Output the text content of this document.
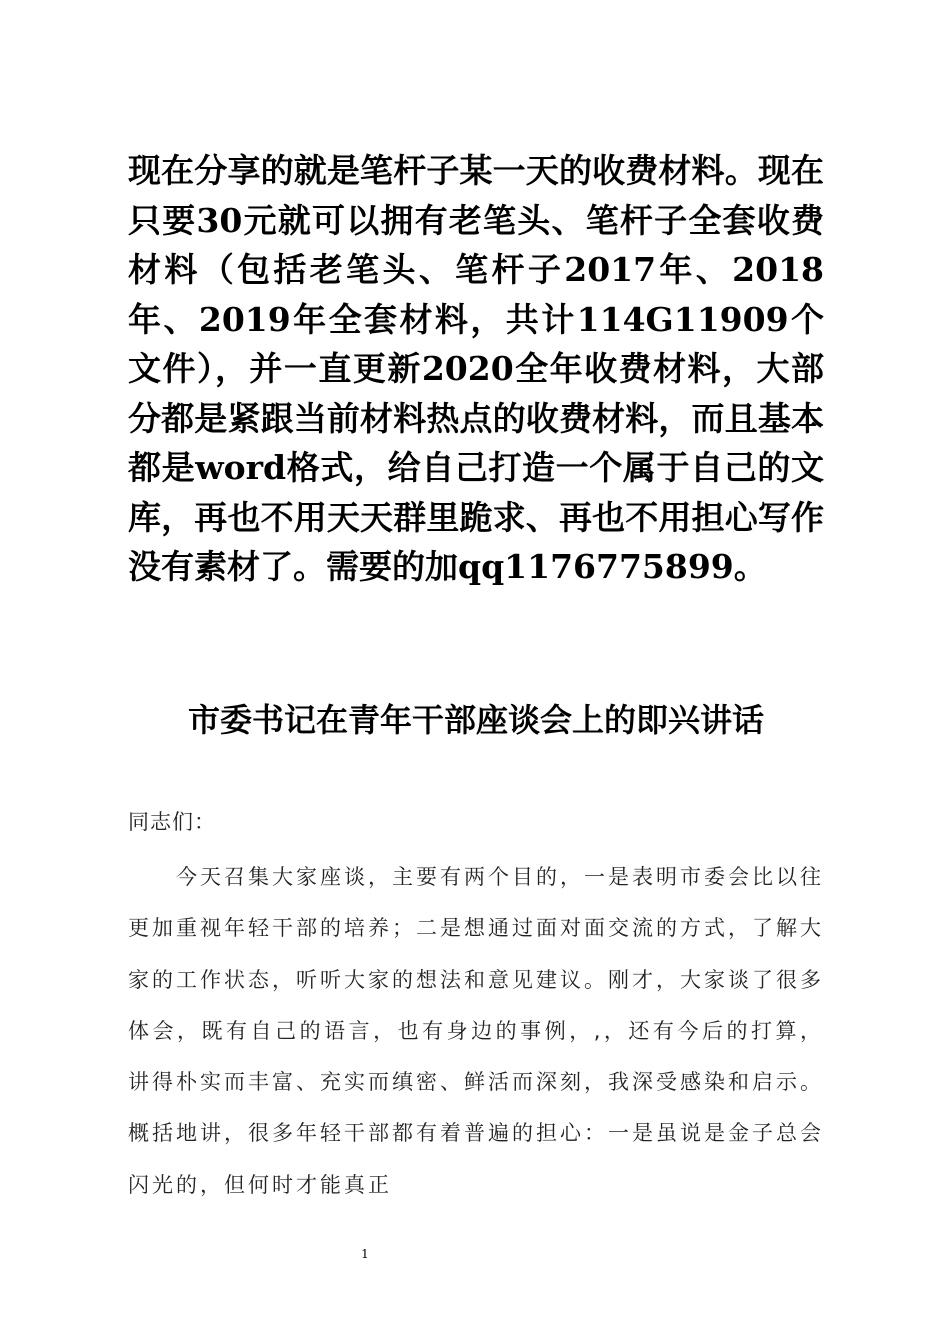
现在分享的就是笔杆子某一天的收费材料。现在只要30元就可以拥有老笔头、笔杆子全套收费材料（包括老笔头、笔杆子2017年、2018年、2019年全套材料，共计114G11909个文件），并一直更新2020全年收费材料，大部分都是紧跟当前材料热点的收费材料，而且基本都是word格式，给自己打造一个属于自己的文库，再也不用天天群里跪求、再也不用担心写作没有素材了。需要的加qq1176775899。
市委书记在青年干部座谈会上的即兴讲话
同志们：
今天召集大家座谈，主要有两个目的，一是表明市委会比以往更加重视年轻干部的培养；二是想通过面对面交流的方式，了解大家的工作状态，听听大家的想法和意见建议。刚才，大家谈了很多体会，既有自己的语言，也有身边的事例，,，还有今后的打算，讲得朴实而丰富、充实而缜密、鲜活而深刻，我深受感染和启示。概括地讲，很多年轻干部都有着普遍的担心：一是虽说是金子总会闪光的，但何时才能真正
1
